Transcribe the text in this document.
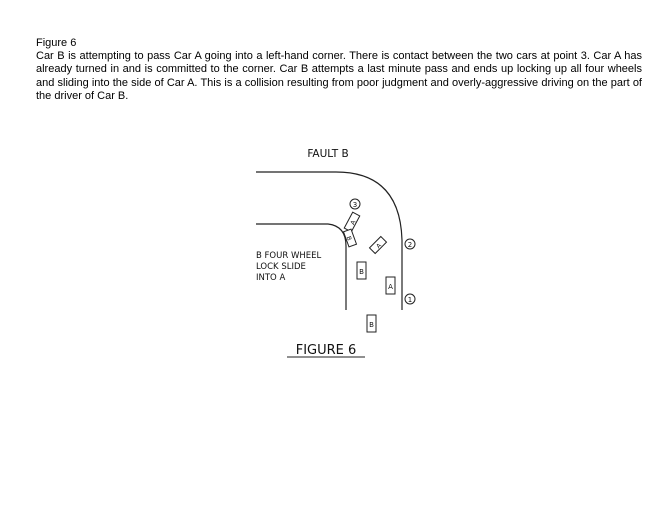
Figure 6
Car B is attempting to pass Car A going into a left-hand corner. There is contact between the two cars at point 3. Car A has already turned in and is committed to the corner. Car B attempts a last minute pass and ends up locking up all four wheels and sliding into the side of Car A. This is a collision resulting from poor judgment and overly-aggressive driving on the part of the driver of Car B.
FAULT B
B FOUR WHEEL
LOCK SLIDE
INTO A
3
2
1
A
B
A
B
A
B
FIGURE 6
